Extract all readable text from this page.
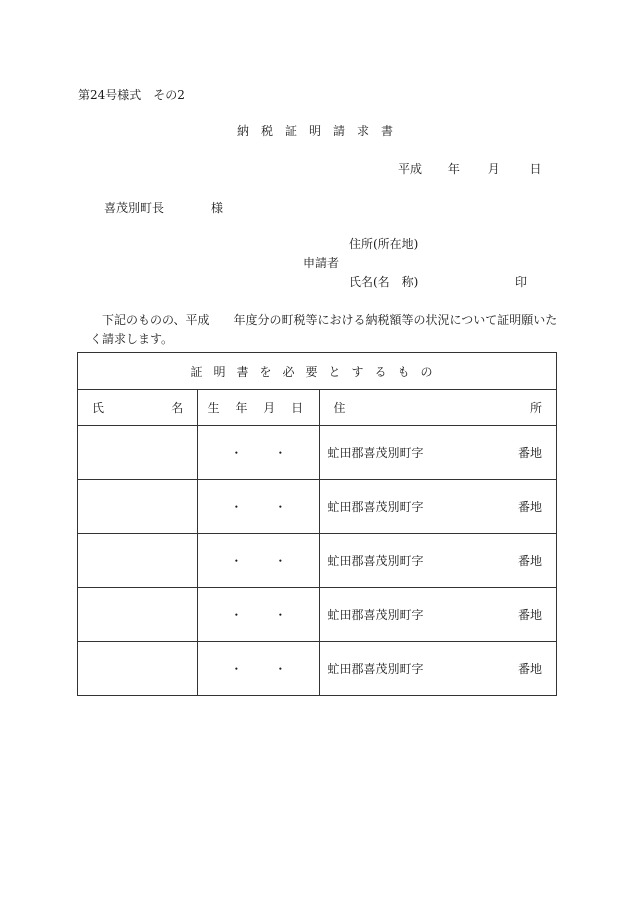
第24号様式　その2
納税証明請求書
平成 年 月 日
喜茂別町長	様
住所(所在地)
申請者
氏名(名　称)	印
下記のものの、平成　　年度分の町税等における納税額等の状況について証明願いたく請求します。
証明書を必要とするもの		

氏 名	生 年 月 日	住 所

	・ ・	虻田郡喜茂別町字 番地

	・ ・	虻田郡喜茂別町字 番地

	・ ・	虻田郡喜茂別町字 番地

	・ ・	虻田郡喜茂別町字 番地

	・ ・	虻田郡喜茂別町字 番地
